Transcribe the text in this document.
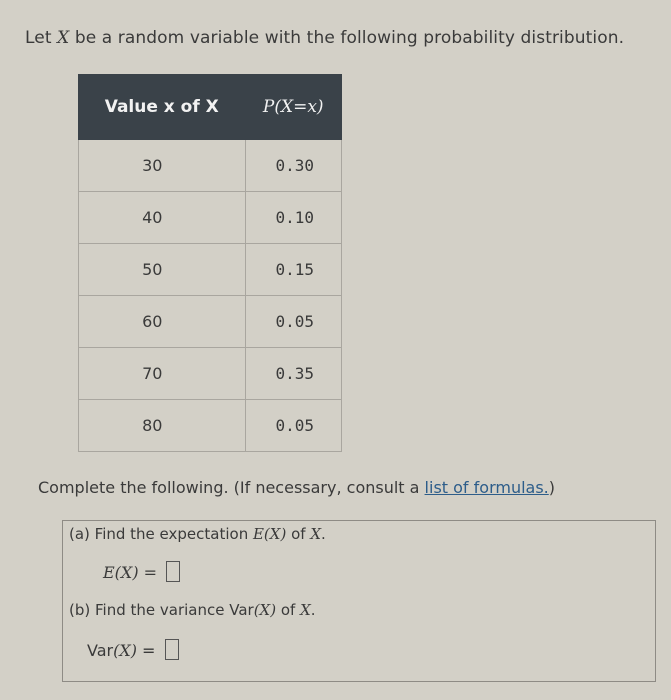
Let X be a random variable with the following probability distribution.
Value x of X	P(X=x)
30	0.30
40	0.10
50	0.15
60	0.05
70	0.35
80	0.05
Complete the following. (If necessary, consult a list of formulas.)
(a) Find the expectation E(X) of X.
E(X) =
(b) Find the variance Var(X) of X.
Var(X) =
